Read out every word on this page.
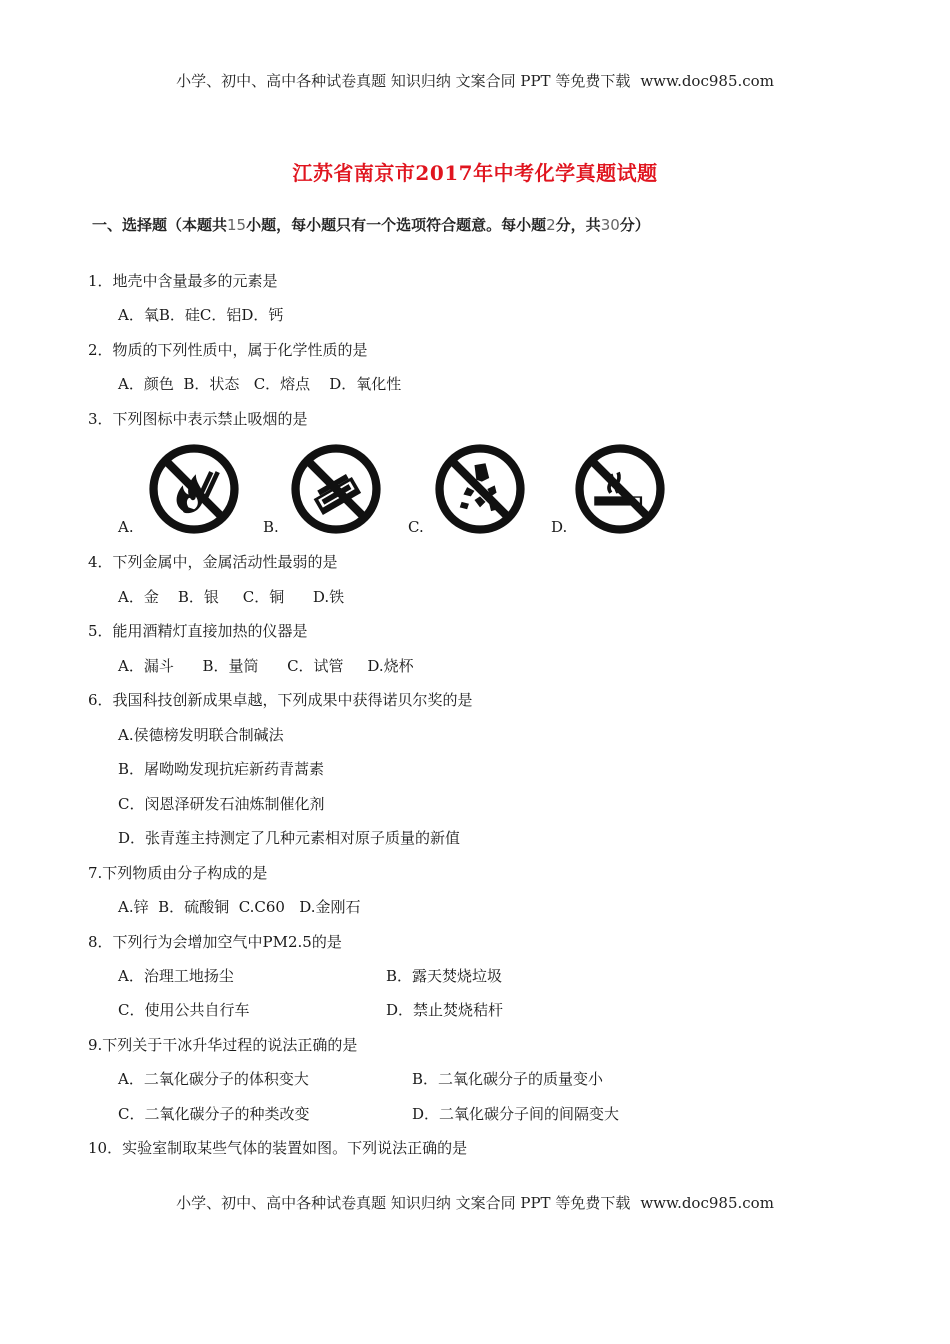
小学、初中、高中各种试卷真题 知识归纳 文案合同 PPT 等免费下载 www.doc985.com
江苏省南京市2017年中考化学真题试题
一、选择题（本题共15小题，每小题只有一个选项符合题意。每小题2分，共30分）
1．地壳中含量最多的元素是
A．氧B．硅C．铝D．钙
2．物质的下列性质中，属于化学性质的是
A．颜色  B．状态   C．熔点    D．氧化性
3．下列图标中表示禁止吸烟的是
A.	B.	C.	D.
4．下列金属中，金属活动性最弱的是
A．金    B．银     C．铜      D.铁
5．能用酒精灯直接加热的仪器是
A．漏斗      B．量筒      C．试管     D.烧杯
6．我国科技创新成果卓越，下列成果中获得诺贝尔奖的是
A.侯德榜发明联合制碱法
B．屠呦呦发现抗疟新药青蒿素
C．闵恩泽研发石油炼制催化剂
D．张青莲主持测定了几种元素相对原子质量的新值
7.下列物质由分子构成的是
A.锌  B．硫酸铜  C.C60   D.金刚石
8．下列行为会增加空气中PM2.5的是
A．治理工地扬尘	B．露天焚烧垃圾
C．使用公共自行车	D．禁止焚烧秸杆
9.下列关于干冰升华过程的说法正确的是
A．二氧化碳分子的体积变大	B．二氧化碳分子的质量变小
C．二氧化碳分子的种类改变	D．二氧化碳分子间的间隔变大
10．实验室制取某些气体的装置如图。下列说法正确的是
小学、初中、高中各种试卷真题 知识归纳 文案合同 PPT 等免费下载 www.doc985.com
